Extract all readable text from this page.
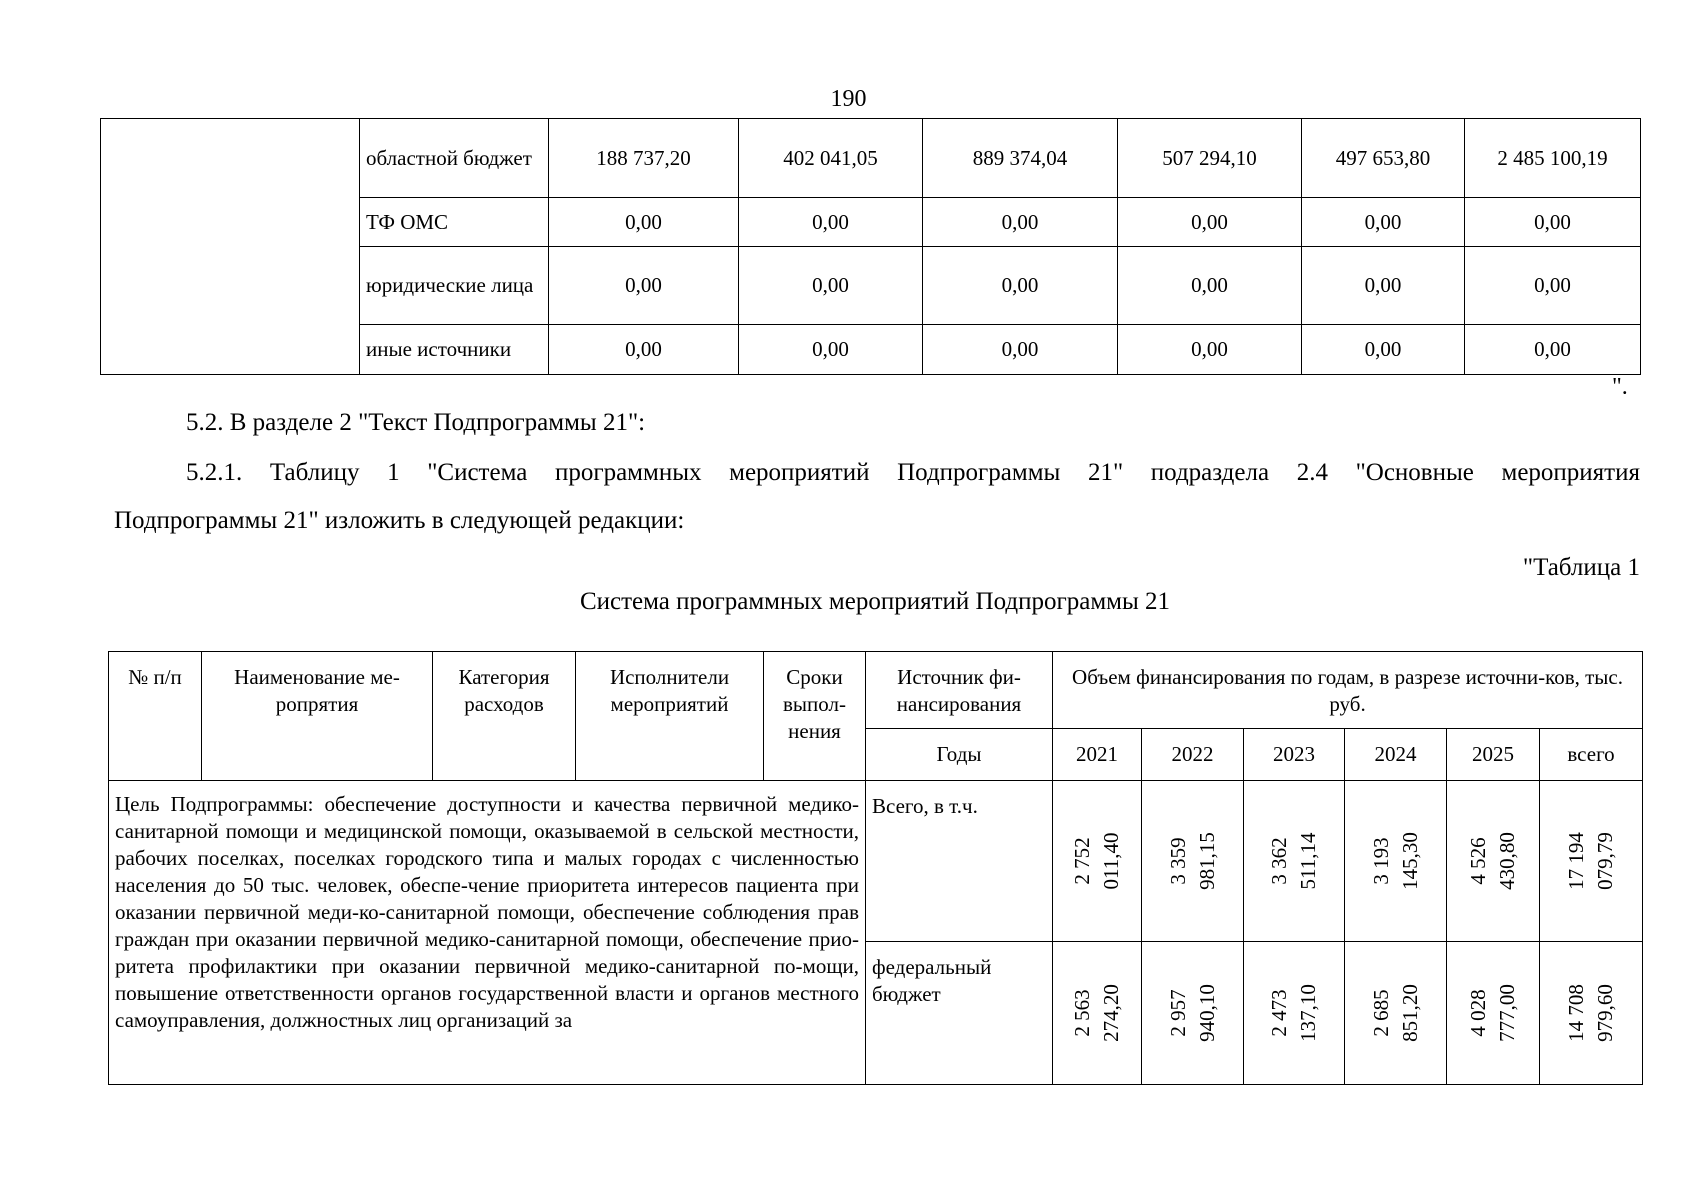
190
	областной бюджет	188 737,20	402 041,05	889 374,04	507 294,10	497 653,80	2 485 100,19
	ТФ ОМС	0,00	0,00	0,00	0,00	0,00	0,00
	юридические лица	0,00	0,00	0,00	0,00	0,00	0,00
	иные источники	0,00	0,00	0,00	0,00	0,00	0,00
".
5.2. В разделе 2 "Текст Подпрограммы 21":
5.2.1. Таблицу 1 "Система программных мероприятий Подпрограммы 21" подраздела 2.4 "Основные мероприятия
Подпрограммы 21" изложить в следующей редакции:
"Таблица 1
Система программных мероприятий Подпрограммы 21
№ п/п	Наименование ме-ропрятия	Категория расходов	Исполнители мероприятий	Сроки выпол-нения	Источник фи-нансирования	Объем финансирования по годам, в разрезе источни-ков, тыс. руб.					
					Годы	2021	2022	2023	2024	2025	всего
Цель Подпрограммы: обеспечение доступности и качества первичной медико-санитарной помощи и медицинской помощи, оказываемой в сельской местности, рабочих поселках, поселках городского типа и малых городах с численностью населения до 50 тыс. человек, обеспе-чение приоритета интересов пациента при оказании первичной меди-ко-санитарной помощи, обеспечение соблюдения прав граждан при оказании первичной медико-санитарной помощи, обеспечение прио-ритета профилактики при оказании первичной медико-санитарной по-мощи, повышение ответственности органов государственной власти и органов местного самоуправления, должностных лиц организаций за					Всего, в т.ч.	2 752 011,40	3 359 981,15	3 362 511,14	3 193 145,30	4 526 430,80	17 194 079,79

					федеральный бюджет	2 563 274,20	2 957 940,10	2 473 137,10	2 685 851,20	4 028 777,00	14 708 979,60
